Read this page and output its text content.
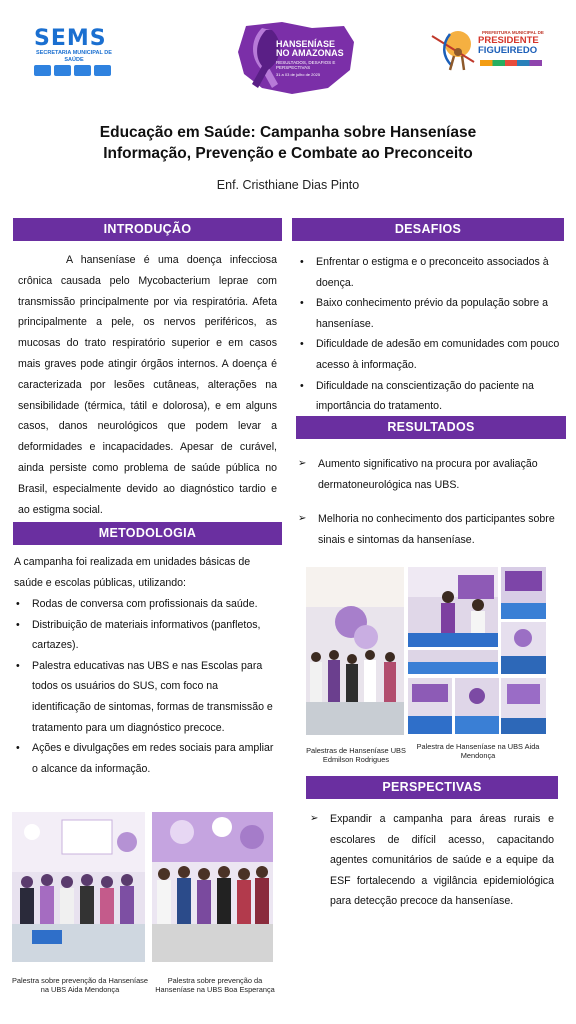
SEMS
SECRETARIA MUNICIPAL DE SAÚDE
HANSENÍASE
NO AMAZONAS
RESULTADOS, DESAFIOS E PERSPECTIVAS
31 a 03 de julho de 2025
PREFEITURA MUNICIPAL DE
PRESIDENTE
FIGUEIREDO
Educação em Saúde: Campanha sobre Hanseníase
Informação, Prevenção e Combate ao Preconceito
Enf. Cristhiane Dias Pinto
INTRODUÇÃO
A hanseníase é uma doença infecciosa crônica causada pelo Mycobacterium leprae com transmissão principalmente por via respiratória. Afeta principalmente a pele, os nervos periféricos, as mucosas do trato respiratório superior e em casos mais graves pode atingir órgãos internos. A doença é caracterizada por lesões cutâneas, alterações na sensibilidade (térmica, tátil e dolorosa), e em alguns casos, danos neurológicos que podem levar a deformidades e incapacidades. Apesar de curável, ainda persiste como problema de saúde pública no Brasil, especialmente devido ao diagnóstico tardio e ao estigma social.
METODOLOGIA
A campanha foi realizada em unidades básicas de saúde e escolas públicas, utilizando:
• Rodas de conversa com profissionais da saúde.
• Distribuição de materiais informativos (panfletos, cartazes).
• Palestra educativas nas UBS e nas Escolas para todos os usuários do SUS, com foco na identificação de sintomas, formas de transmissão e tratamento para um diagnóstico precoce.
• Ações e divulgações em redes sociais para ampliar o alcance da informação.
Palestra sobre prevenção da Hanseníase na UBS Aida Mendonça
Palestra sobre prevenção da Hanseníase na UBS Boa Esperança
DESAFIOS
• Enfrentar o estigma e o preconceito associados à doença.
• Baixo conhecimento prévio da população sobre a hanseníase.
• Dificuldade de adesão em comunidades com pouco acesso à informação.
• Dificuldade na conscientização do paciente na importância do tratamento.
RESULTADOS
➢ Aumento significativo na procura por avaliação dermatoneurológica nas UBS.
➢ Melhoria no conhecimento dos participantes sobre sinais e sintomas da hanseníase.
Palestras de Hanseníase UBS Edmilson Rodrigues
Palestra de Hanseníase na UBS Aida Mendonça
PERSPECTIVAS
➢ Expandir a campanha para áreas rurais e escolares de difícil acesso, capacitando agentes comunitários de saúde e a equipe da ESF fortalecendo a vigilância epidemiológica para detecção precoce da hanseníase.
